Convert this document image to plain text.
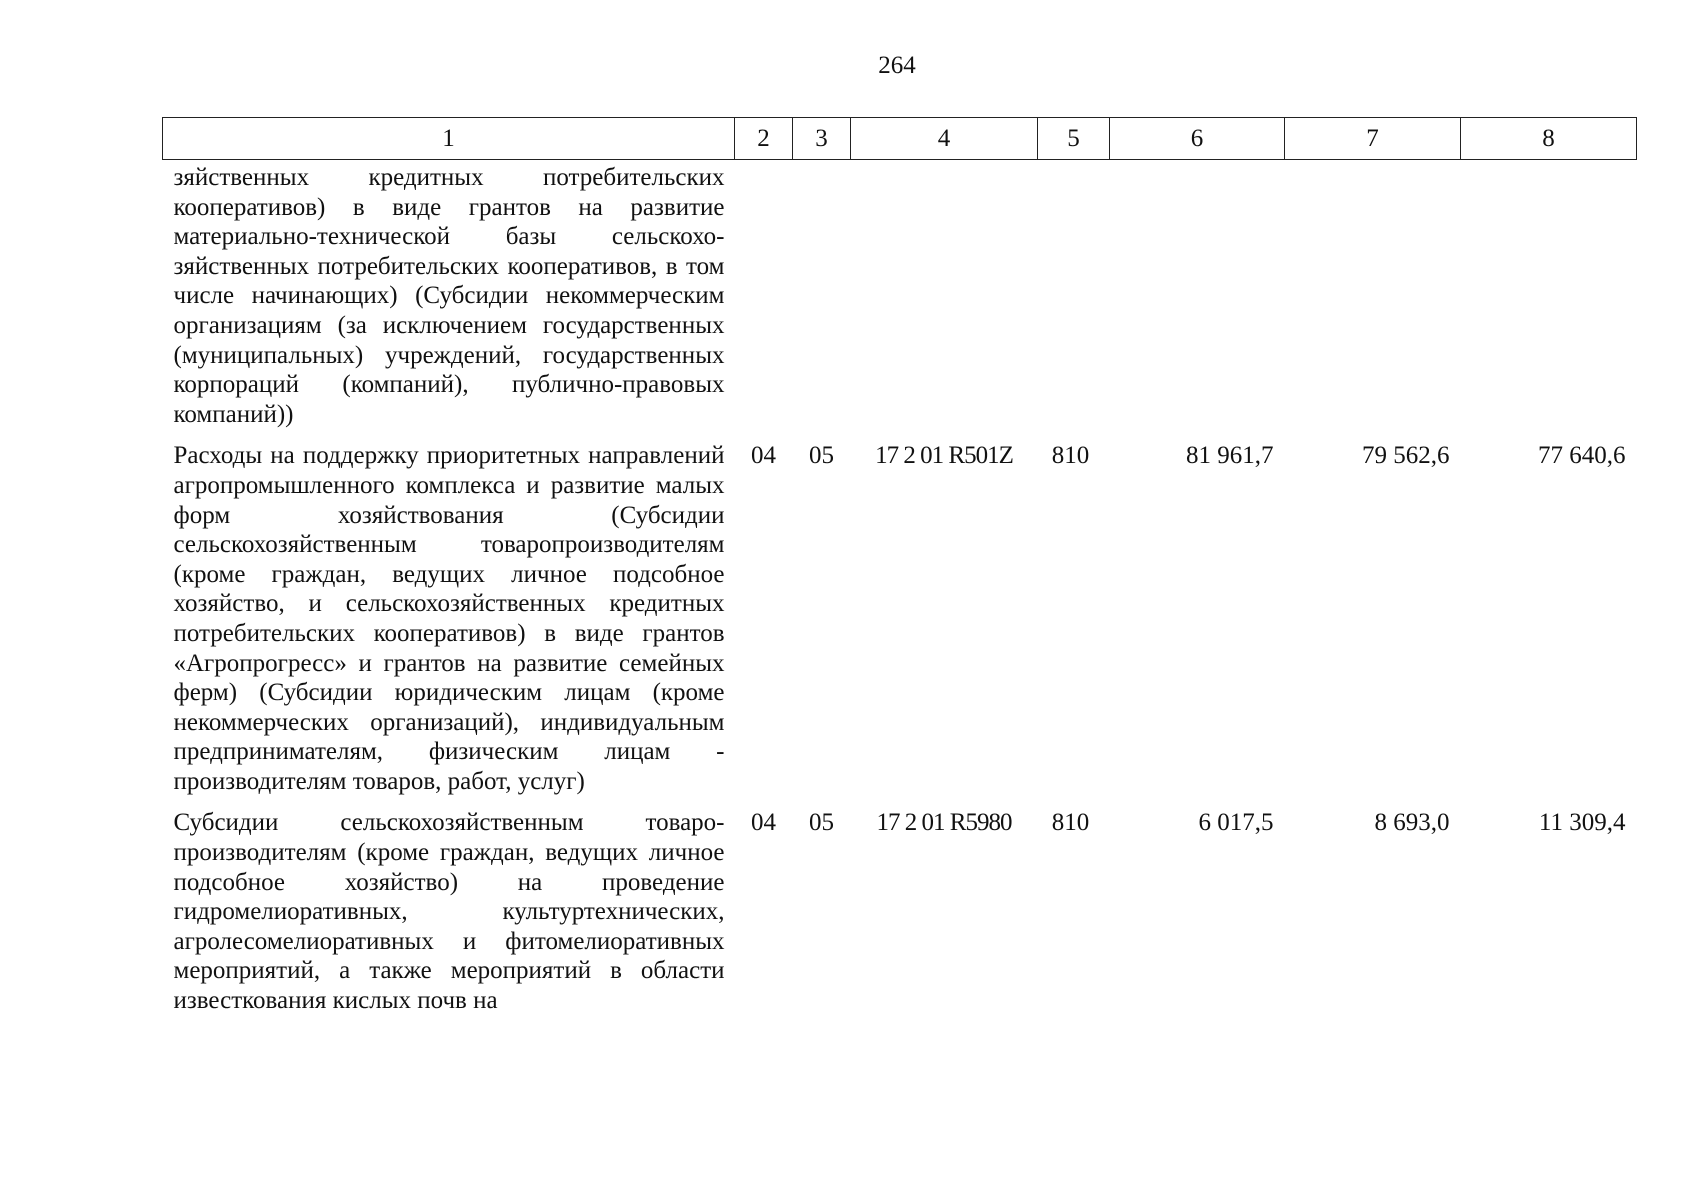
264
1	2	3	4	5	6	7	8
зяйственных кредитных потребительских кооперативов) в виде грантов на развитие материально-технической базы сельскохозяйственных потребительских кооперативов, в том числе начинающих) (Субсидии некоммерческим организациям (за исключением государственных (муниципальных) учреждений, государственных корпораций (компаний), публично-правовых компаний))							
Расходы на поддержку приоритетных направлений агропромышленного комплекса и развитие малых форм хозяйствования (Субсидии сельскохозяйственным товаропроизводителям (кроме граждан, ведущих личное подсобное хозяйство, и сельскохозяйственных кредитных потребительских кооперативов) в виде грантов «Агропрогресс» и грантов на развитие семейных ферм) (Субсидии юридическим лицам (кроме некоммерческих организаций), индивидуальным предпринимателям, физическим лицам - производителям товаров, работ, услуг)	04	05	17 2 01 R501Z	810	81 961,7	79 562,6	77 640,6
Субсидии сельскохозяйственным товаропроизводителям (кроме граждан, ведущих личное подсобное хозяйство) на проведение гидромелиоративных, культуртехнических, агролесомелиоративных и фитомелиоративных мероприятий, а также мероприятий в области известкования кислых почв на	04	05	17 2 01 R5980	810	6 017,5	8 693,0	11 309,4
